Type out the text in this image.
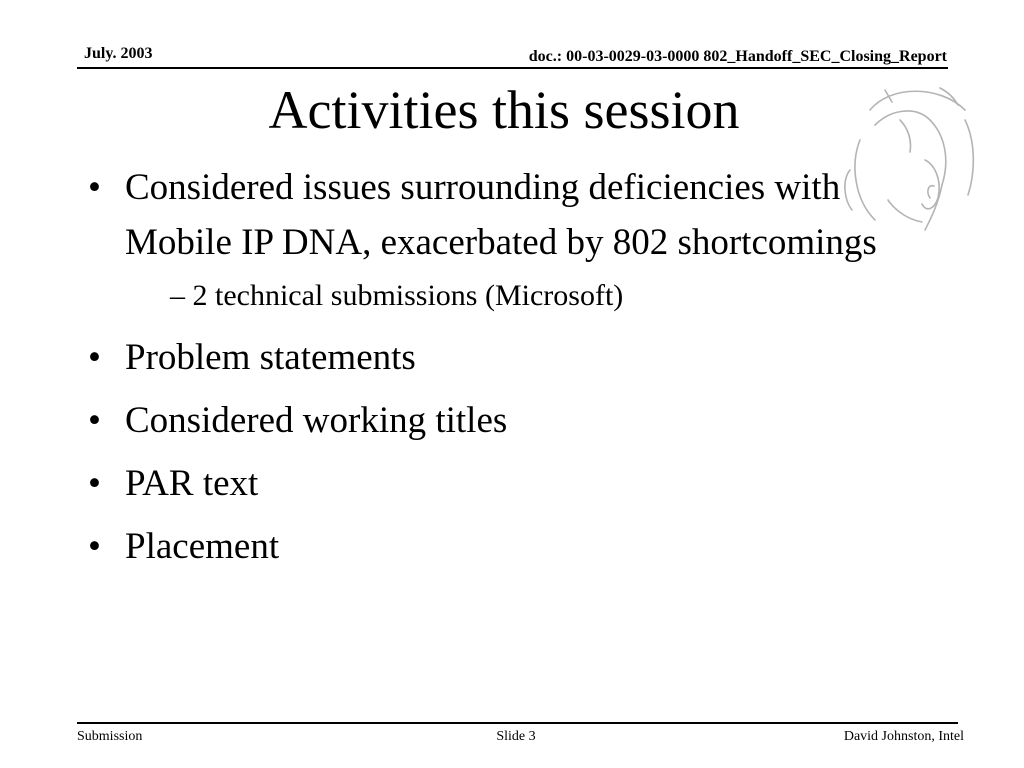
July. 2003	doc.: 00-03-0029-03-0000 802_Handoff_SEC_Closing_Report
Activities this session
• Considered issues surrounding deficiencies with Mobile IP DNA, exacerbated by 802 shortcomings
– 2 technical submissions (Microsoft)
• Problem statements
• Considered working titles
• PAR text
• Placement
Submission	Slide 3	David Johnston, Intel
